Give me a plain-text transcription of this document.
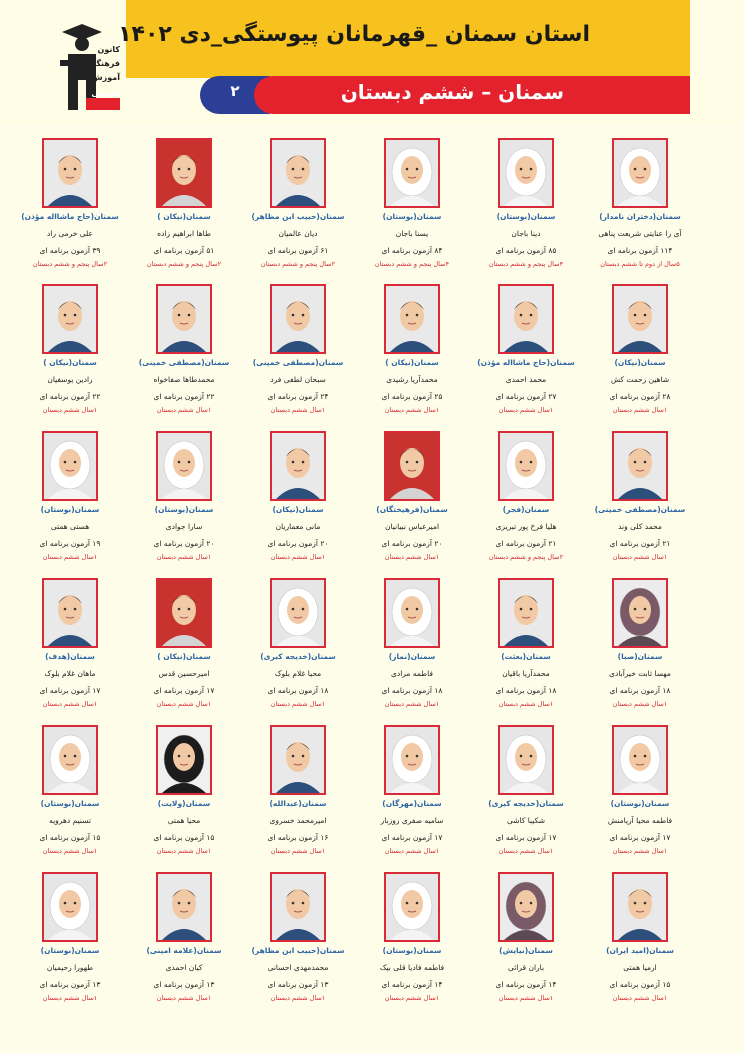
استان سمنان _قهرمانان پیوستگی_دی ۱۴۰۲
۲	سمنان – ششم دبستان
کانون
فرهنگی
آموزش
قلم‌چی
سمنان(دختران نامدار)
آی را عنایتی شریعت پناهی
۱۱۴ آزمون برنامه ای
۵سال از دوم تا ششم دبستان
سمنان(بوستان)
دینا باجان
۸۵ آزمون برنامه ای
۴سال پنجم و ششم دبستان
سمنان(بوستان)
یسنا باجان
۸۴ آزمون برنامه ای
۴سال پنجم و ششم دبستان
سمنان(حبیب ابن مظاهر)
دیان عالمیان
۶۱ آزمون برنامه ای
۲سال پنجم و ششم دبستان
سمنان(نیکان )
طاها ابراهیم زاده
۵۱ آزمون برنامه ای
۲سال پنجم و ششم دبستان
سمنان(حاج ماشااله مؤذن)
علی خرمی راد
۳۹ آزمون برنامه ای
۲سال پنجم و ششم دبستان
سمنان(نیکان)
شاهین زحمت کش
۲۸ آزمون برنامه ای
۱سال ششم دبستان
سمنان(حاج ماشااله مؤذن)
محمد احمدی
۲۷ آزمون برنامه ای
۱سال ششم دبستان
سمنان(نیکان )
محمدآریا رشیدی
۲۵ آزمون برنامه ای
۱سال ششم دبستان
سمنان(مصطفی خمینی)
سبحان لطفی فرد
۲۴ آزمون برنامه ای
۱سال ششم دبستان
سمنان(مصطفی خمینی)
محمدطاها صفاخواه
۲۲ آزمون برنامه ای
۱سال ششم دبستان
سمنان(نیکان )
رادین یوسفیان
۲۲ آزمون برنامه ای
۱سال ششم دبستان
سمنان(مصطفی خمینی)
محمد کلی وند
۲۱ آزمون برنامه ای
۱سال ششم دبستان
سمنان(فجر)
هلیا فرخ پور تبریزی
۲۱ آزمون برنامه ای
۲سال پنجم و ششم دبستان
سمنان(فرهیختگان)
امیرعباس نبیانیان
۲۰ آزمون برنامه ای
۱سال ششم دبستان
سمنان(نیکان)
مانی معماریان
۲۰ آزمون برنامه ای
۱سال ششم دبستان
سمنان(بوستان)
سارا جوادی
۲۰ آزمون برنامه ای
۱سال ششم دبستان
سمنان(بوستان)
هستی همتی
۱۹ آزمون برنامه ای
۱سال ششم دبستان
سمنان(صبا)
مهسا ثابت خیرآبادی
۱۸ آزمون برنامه ای
۱سال ششم دبستان
سمنان(بعثت)
محمدآریا باقیان
۱۸ آزمون برنامه ای
۱سال ششم دبستان
سمنان(نماز)
فاطمه مرادی
۱۸ آزمون برنامه ای
۱سال ششم دبستان
سمنان(خدیجه کبری)
محیا غلام بلوک
۱۸ آزمون برنامه ای
۱سال ششم دبستان
سمنان(نیکان )
امیرحسین قدس
۱۷ آزمون برنامه ای
۱سال ششم دبستان
سمنان(هدف)
ماهان غلام بلوک
۱۷ آزمون برنامه ای
۱سال ششم دبستان
سمنان(بوستان)
فاطمه محیا آریامنش
۱۷ آزمون برنامه ای
۱سال ششم دبستان
سمنان(خدیجه کبری)
شکیبا کاشی
۱۷ آزمون برنامه ای
۱سال ششم دبستان
سمنان(مهرگان)
سامیه صفری روزبار
۱۷ آزمون برنامه ای
۱سال ششم دبستان
سمنان(عبدالله)
امیرمحمد خسروی
۱۶ آزمون برنامه ای
۱سال ششم دبستان
سمنان(ولایت)
محیا همتی
۱۵ آزمون برنامه ای
۱سال ششم دبستان
سمنان(بوستان)
تسنیم دهرویه
۱۵ آزمون برنامه ای
۱سال ششم دبستان
سمنان(امید ایران)
ارمیا همتی
۱۵ آزمون برنامه ای
۱سال ششم دبستان
سمنان(نیایش)
باران قرائی
۱۴ آزمون برنامه ای
۱سال ششم دبستان
سمنان(بوستان)
فاطمه فادیا قلی بیک
۱۴ آزمون برنامه ای
۱سال ششم دبستان
سمنان(حبیب ابن مظاهر)
محمدمهدی احسانی
۱۳ آزمون برنامه ای
۱سال ششم دبستان
سمنان(علامه امینی)
کیان احمدی
۱۳ آزمون برنامه ای
۱سال ششم دبستان
سمنان(بوستان)
طهورا رحیمیان
۱۳ آزمون برنامه ای
۱سال ششم دبستان
